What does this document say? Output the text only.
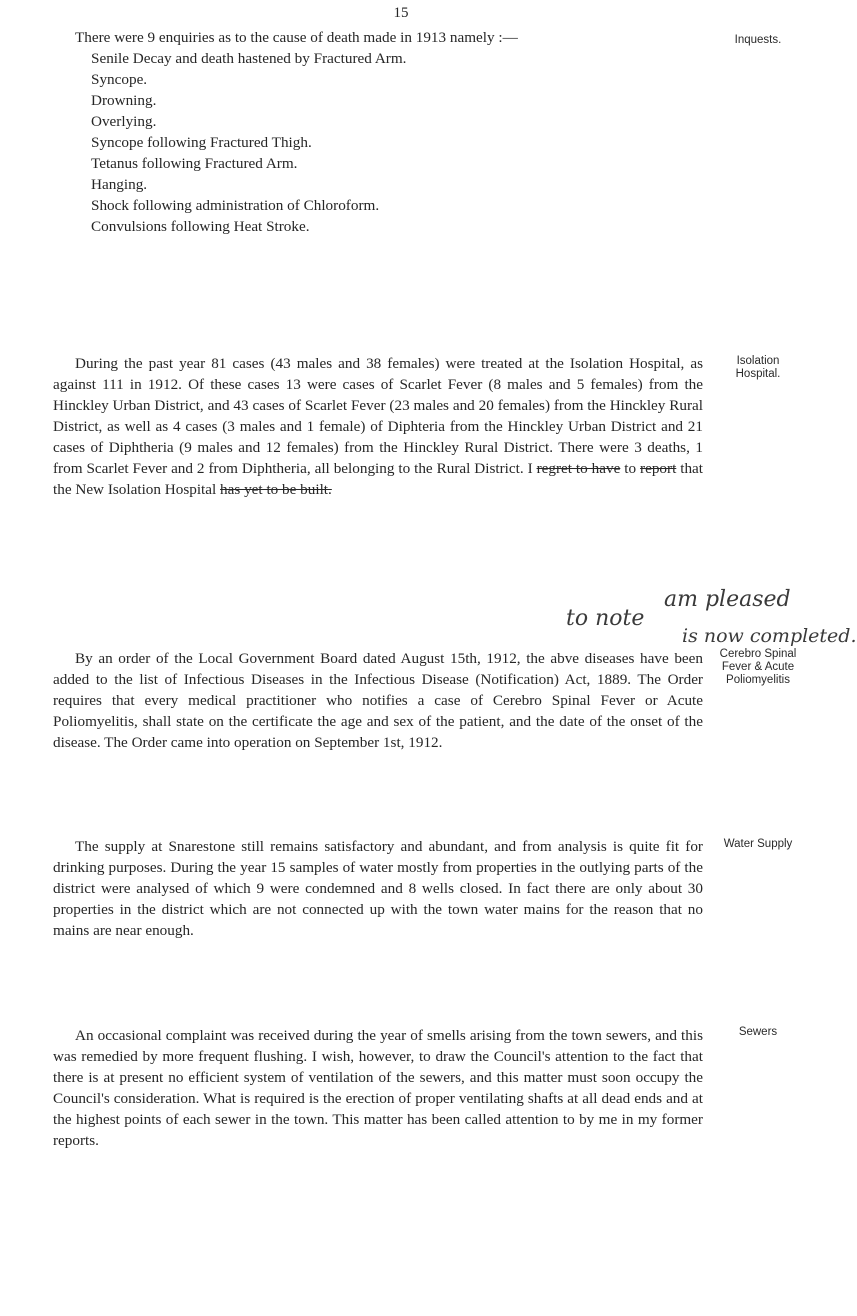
15
Inquests.

There were 9 enquiries as to the cause of death made in 1913 namely :—

Senile Decay and death hastened by Fractured Arm.
Syncope.
Drowning.
Overlying.
Syncope following Fractured Thigh.
Tetanus following Fractured Arm.
Hanging.
Shock following administration of Chloroform.
Convulsions following Heat Stroke.
Isolation Hospital.

During the past year 81 cases (43 males and 38 females) were treated at the Isolation Hospital, as against 111 in 1912. Of these cases 13 were cases of Scarlet Fever (8 males and 5 females) from the Hinckley Urban District, and 43 cases of Scarlet Fever (23 males and 20 females) from the Hinckley Rural District, as well as 4 cases (3 males and 1 female) of Diphteria from the Hinckley Urban District and 21 cases of Diphtheria (9 males and 12 females) from the Hinckley Rural District. There were 3 deaths, 1 from Scarlet Fever and 2 from Diphtheria, all belonging to the Rural District. I regret to have to report that the New Isolation Hospital has yet to be built.

am pleased
to note
is now completed.
Cerebro Spinal
Fever & Acute
Poliomyelitis

By an order of the Local Government Board dated August 15th, 1912, the abve diseases have been added to the list of Infectious Diseases in the Infectious Disease (Notification) Act, 1889. The Order requires that every medical practitioner who notifies a case of Cerebro Spinal Fever or Acute Poliomyelitis, shall state on the certificate the age and sex of the patient, and the date of the onset of the disease. The Order came into operation on September 1st, 1912.

Water Supply

The supply at Snarestone still remains satisfactory and abundant, and from analysis is quite fit for drinking purposes. During the year 15 samples of water mostly from properties in the outlying parts of the district were analysed of which 9 were condemned and 8 wells closed. In fact there are only about 30 properties in the district which are not connected up with the town water mains for the reason that no mains are near enough.

Sewers

An occasional complaint was received during the year of smells arising from the town sewers, and this was remedied by more frequent flushing. I wish, however, to draw the Council's attention to the fact that there is at present no efficient system of ventilation of the sewers, and this matter must soon occupy the Council's consideration. What is required is the erection of proper ventilating shafts at all dead ends and at the highest points of each sewer in the town. This matter has been called attention to by me in my former reports.
